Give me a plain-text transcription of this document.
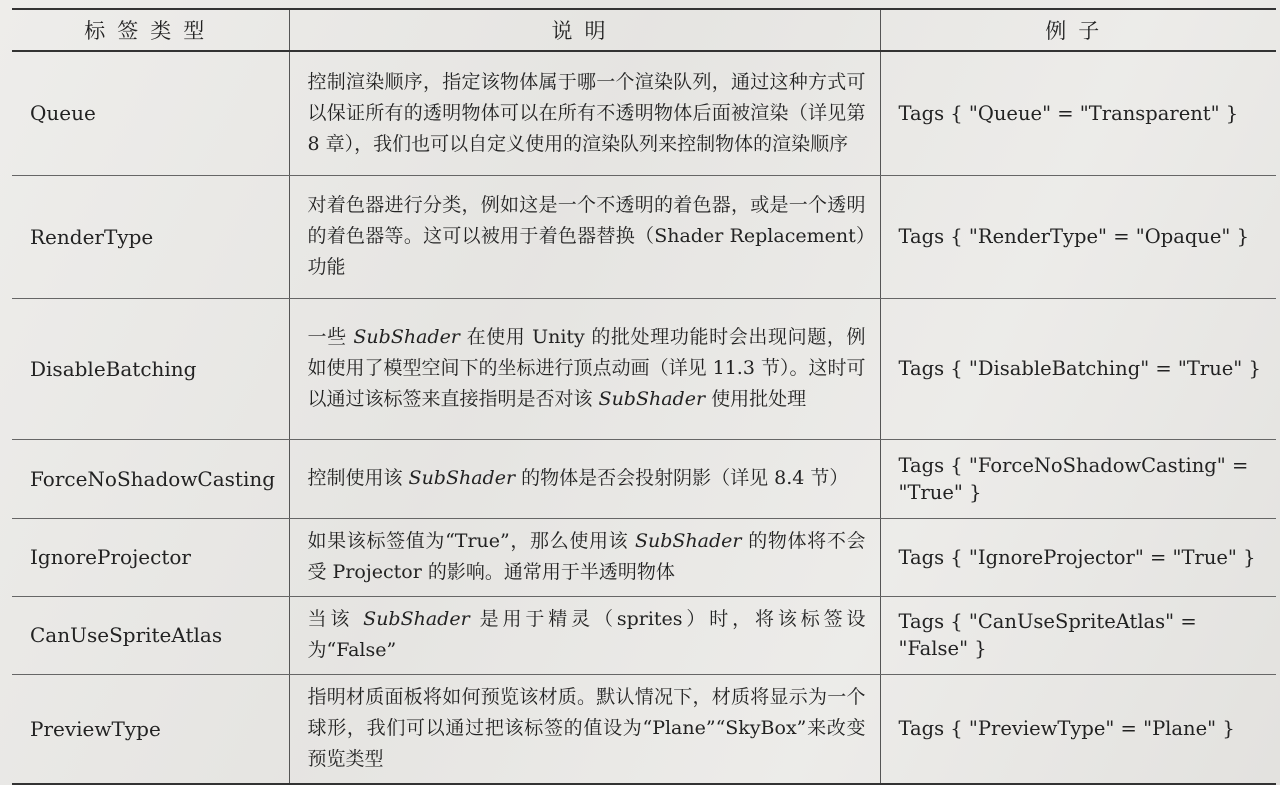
标签类型	说明	例子
Queue	控制渲染顺序，指定该物体属于哪一个渲染队列，通过这种方式可以保证所有的透明物体可以在所有不透明物体后面被渲染（详见第 8 章），我们也可以自定义使用的渲染队列来控制物体的渲染顺序	Tags { "Queue" = "Transparent" }
RenderType	对着色器进行分类，例如这是一个不透明的着色器，或是一个透明的着色器等。这可以被用于着色器替换（Shader Replacement）功能	Tags { "RenderType" = "Opaque" }
DisableBatching	一些 SubShader 在使用 Unity 的批处理功能时会出现问题，例如使用了模型空间下的坐标进行顶点动画（详见 11.3 节）。这时可以通过该标签来直接指明是否对该 SubShader 使用批处理	Tags { "DisableBatching" = "True" }
ForceNoShadowCasting	控制使用该 SubShader 的物体是否会投射阴影（详见 8.4 节）	Tags { "ForceNoShadowCasting" = "True" }
IgnoreProjector	如果该标签值为“True”，那么使用该 SubShader 的物体将不会受 Projector 的影响。通常用于半透明物体	Tags { "IgnoreProjector" = "True" }
CanUseSpriteAtlas	当该 SubShader 是用于精灵（sprites）时，将该标签设为“False”	Tags { "CanUseSpriteAtlas" = "False" }
PreviewType	指明材质面板将如何预览该材质。默认情况下，材质将显示为一个球形，我们可以通过把该标签的值设为“Plane”“SkyBox”来改变预览类型	Tags { "PreviewType" = "Plane" }
